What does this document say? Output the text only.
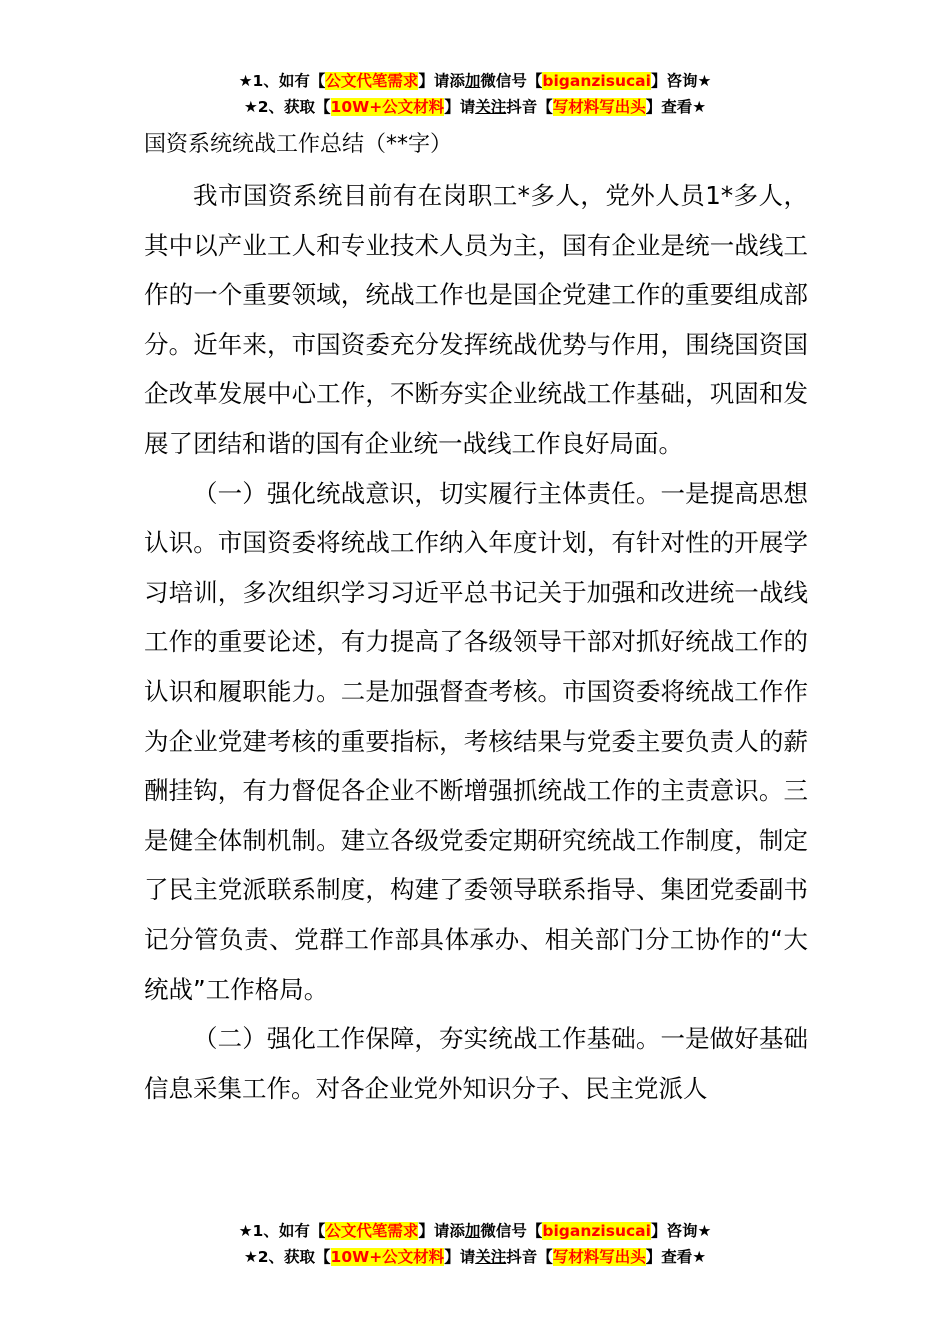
★1、如有【公文代笔需求】请添加微信号【biganzisucai】咨询★
★2、获取【10W+公文材料】请关注抖音【写材料写出头】查看★
国资系统统战工作总结（**字）

我市国资系统目前有在岗职工*多人，党外人员1*多人，其中以产业工人和专业技术人员为主，国有企业是统一战线工作的一个重要领域，统战工作也是国企党建工作的重要组成部分。近年来，市国资委充分发挥统战优势与作用，围绕国资国企改革发展中心工作，不断夯实企业统战工作基础，巩固和发展了团结和谐的国有企业统一战线工作良好局面。

（一）强化统战意识，切实履行主体责任。一是提高思想认识。市国资委将统战工作纳入年度计划，有针对性的开展学习培训，多次组织学习习近平总书记关于加强和改进统一战线工作的重要论述，有力提高了各级领导干部对抓好统战工作的认识和履职能力。二是加强督查考核。市国资委将统战工作作为企业党建考核的重要指标，考核结果与党委主要负责人的薪酬挂钩，有力督促各企业不断增强抓统战工作的主责意识。三是健全体制机制。建立各级党委定期研究统战工作制度，制定了民主党派联系制度，构建了委领导联系指导、集团党委副书记分管负责、党群工作部具体承办、相关部门分工协作的“大统战”工作格局。

（二）强化工作保障，夯实统战工作基础。一是做好基础信息采集工作。对各企业党外知识分子、民主党派人

★1、如有【公文代笔需求】请添加微信号【biganzisucai】咨询★
★2、获取【10W+公文材料】请关注抖音【写材料写出头】查看★
